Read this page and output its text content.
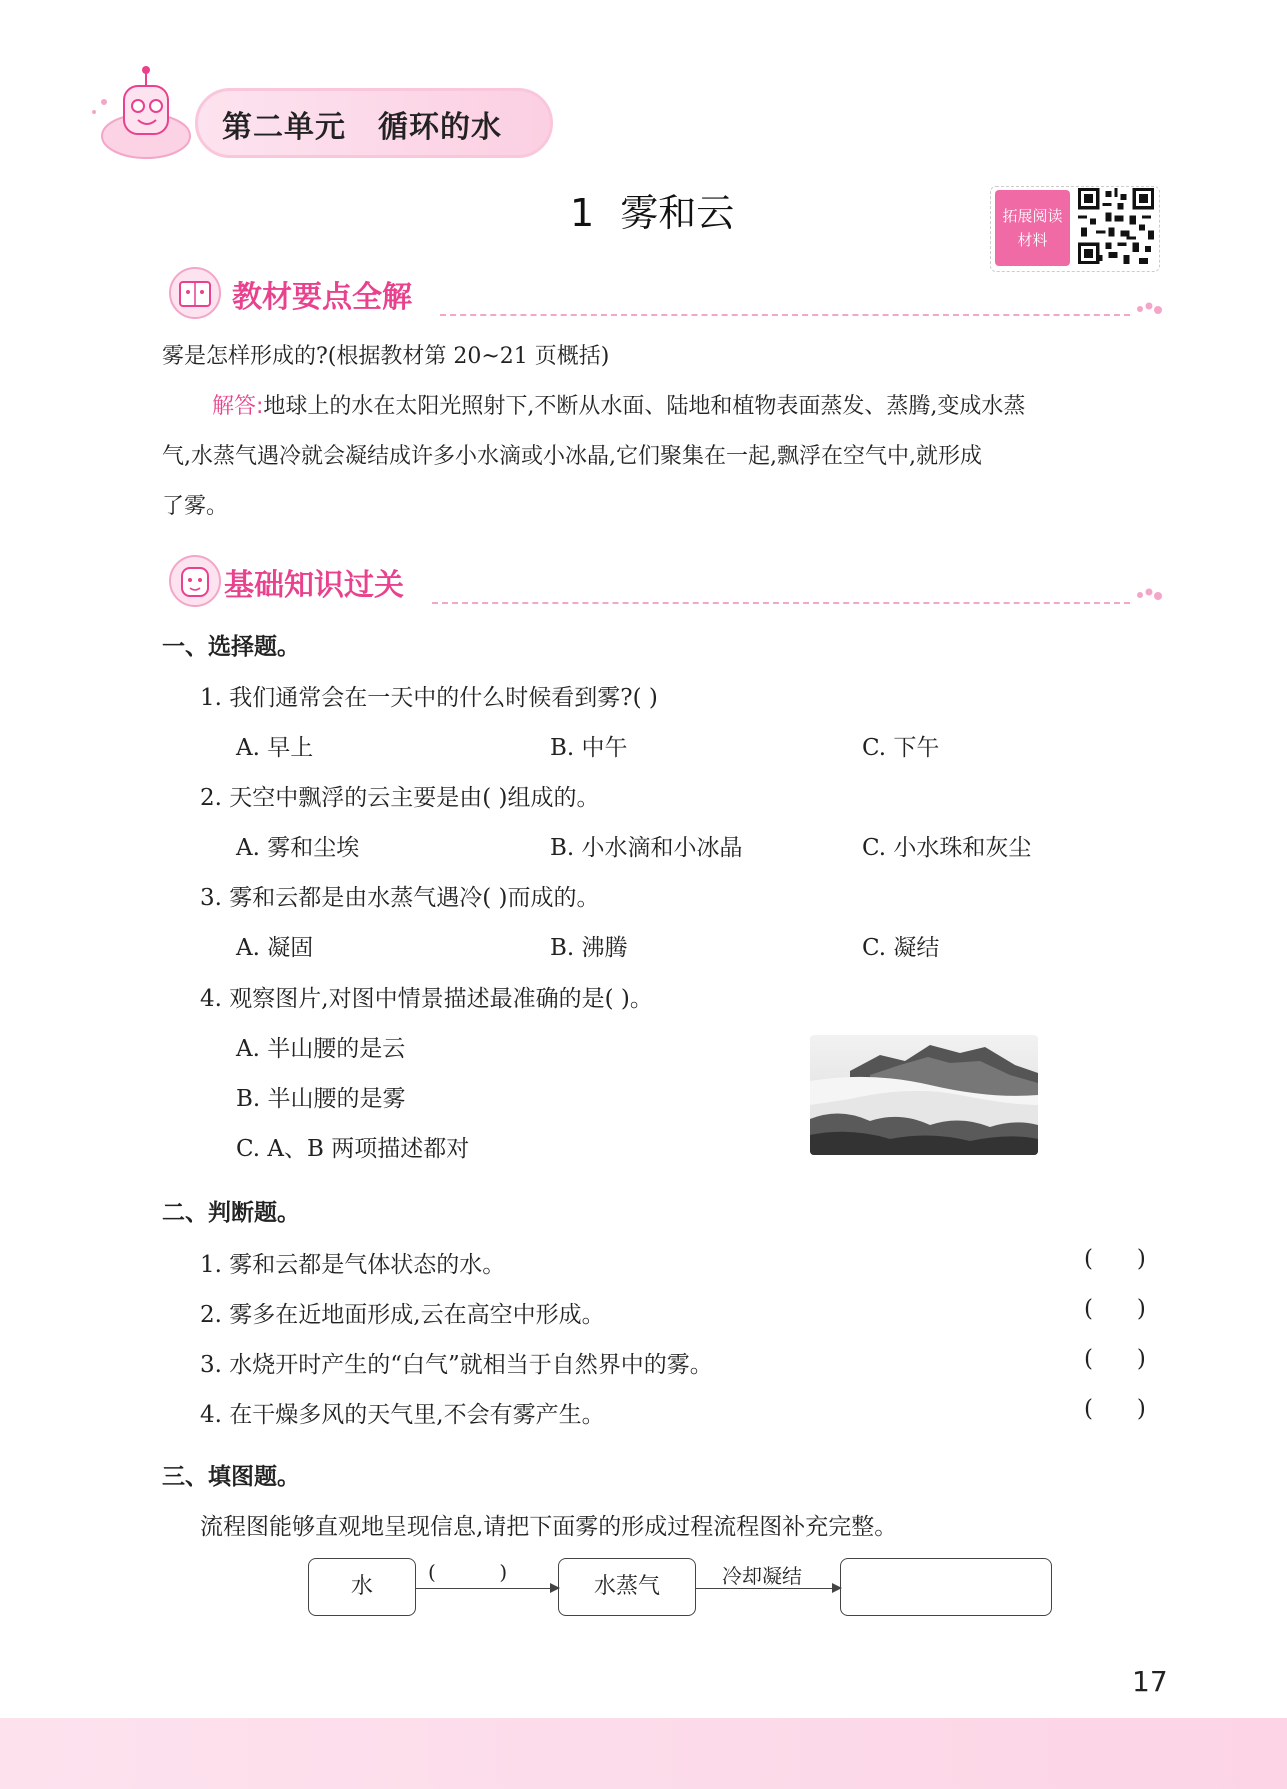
第二单元 循环的水
1 雾和云	拓展阅读
材料
教材要点全解
雾是怎样形成的?(根据教材第 20~21 页概括)
解答:地球上的水在太阳光照射下,不断从水面、陆地和植物表面蒸发、蒸腾,变成水蒸
气,水蒸气遇冷就会凝结成许多小水滴或小冰晶,它们聚集在一起,飘浮在空气中,就形成
了雾。
基础知识过关
一、选择题。
1. 我们通常会在一天中的什么时候看到雾?( )
A. 早上	B. 中午	C. 下午
2. 天空中飘浮的云主要是由( )组成的。
A. 雾和尘埃	B. 小水滴和小冰晶	C. 小水珠和灰尘
3. 雾和云都是由水蒸气遇冷( )而成的。
A. 凝固	B. 沸腾	C. 凝结
4. 观察图片,对图中情景描述最准确的是( )。
A. 半山腰的是云
B. 半山腰的是雾
C. A、B 两项描述都对
二、判断题。
1. 雾和云都是气体状态的水。	(      )
2. 雾多在近地面形成,云在高空中形成。	(      )
3. 水烧开时产生的“白气”就相当于自然界中的雾。	(      )
4. 在干燥多风的天气里,不会有雾产生。	(      )
三、填图题。
流程图能够直观地呈现信息,请把下面雾的形成过程流程图补充完整。
水
(          )
水蒸气	冷却凝结
17
